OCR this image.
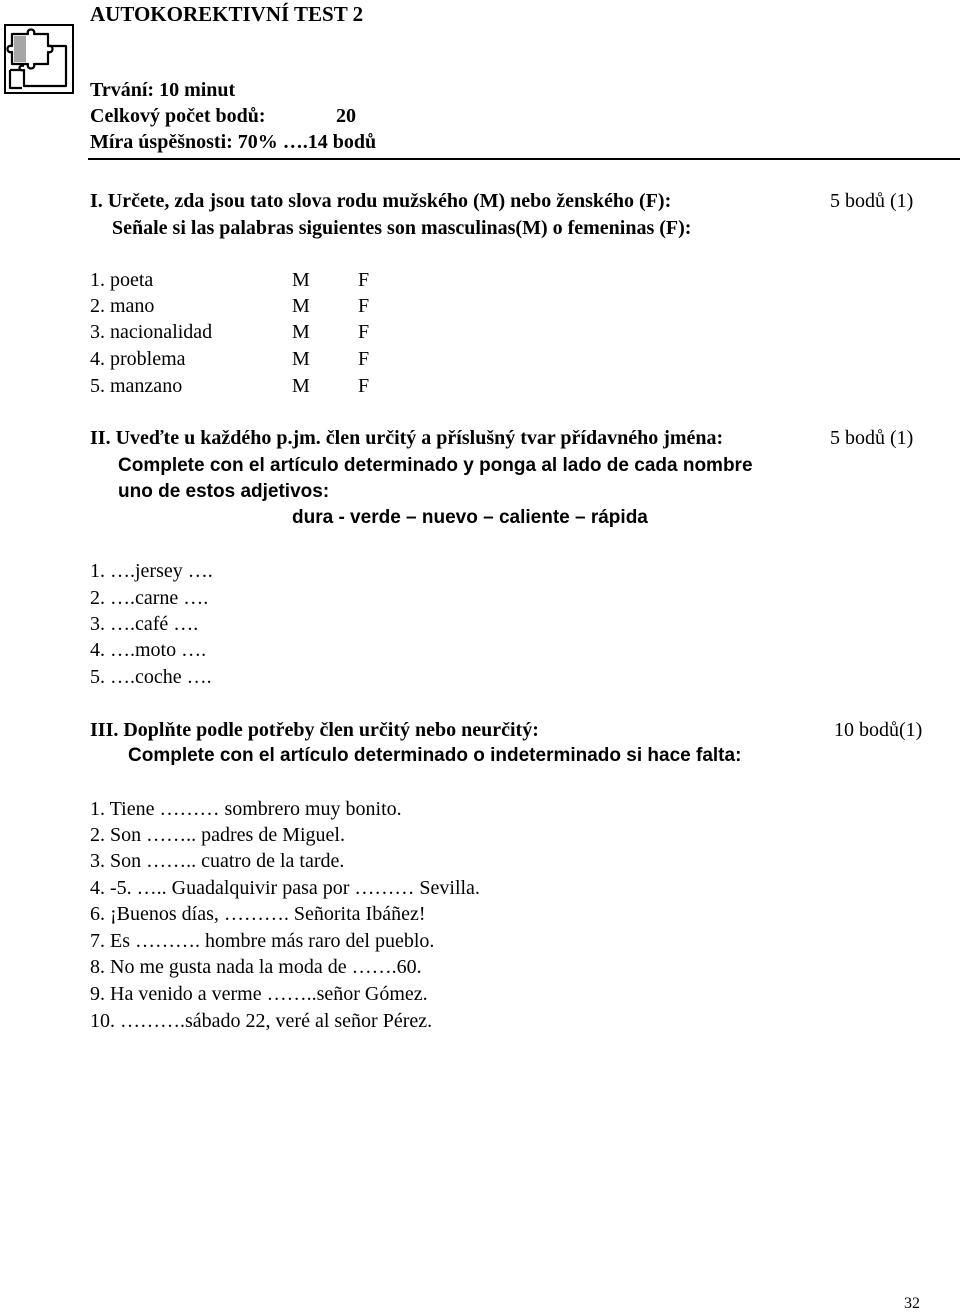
AUTOKOREKTIVNÍ TEST 2
Trvání: 10 minut
Celkový počet bodů:	20
Míra úspěšnosti: 70% ….14 bodů
I. Určete, zda jsou tato slova rodu mužského (M) nebo ženského (F):	5 bodů (1)
Señale si las palabras siguientes son masculinas(M) o femeninas (F):
1. poeta	M F
2. mano	M F
3. nacionalidad	M F
4. problema	M F
5. manzano	M F
II. Uveďte u každého p.jm. člen určitý a příslušný tvar přídavného jména:	5 bodů (1)
Complete con el artículo determinado y ponga al lado de cada nombre
uno de estos adjetivos:
dura - verde – nuevo – caliente – rápida
1. ….jersey ….
2. ….carne ….
3. ….café ….
4. ….moto ….
5. ….coche ….
III. Doplňte podle potřeby člen určitý nebo neurčitý:	10 bodů(1)
Complete con el artículo determinado o indeterminado si hace falta:
1. Tiene ……… sombrero muy bonito.
2. Son …….. padres de Miguel.
3. Son …….. cuatro de la tarde.
4. -5. ….. Guadalquivir pasa por ……… Sevilla.
6. ¡Buenos días, ………. Señorita Ibáñez!
7. Es ………. hombre más raro del pueblo.
8. No me gusta nada la moda de …….60.
9. Ha venido a verme ……..señor Gómez.
10. ……….sábado 22, veré al señor Pérez.
32
